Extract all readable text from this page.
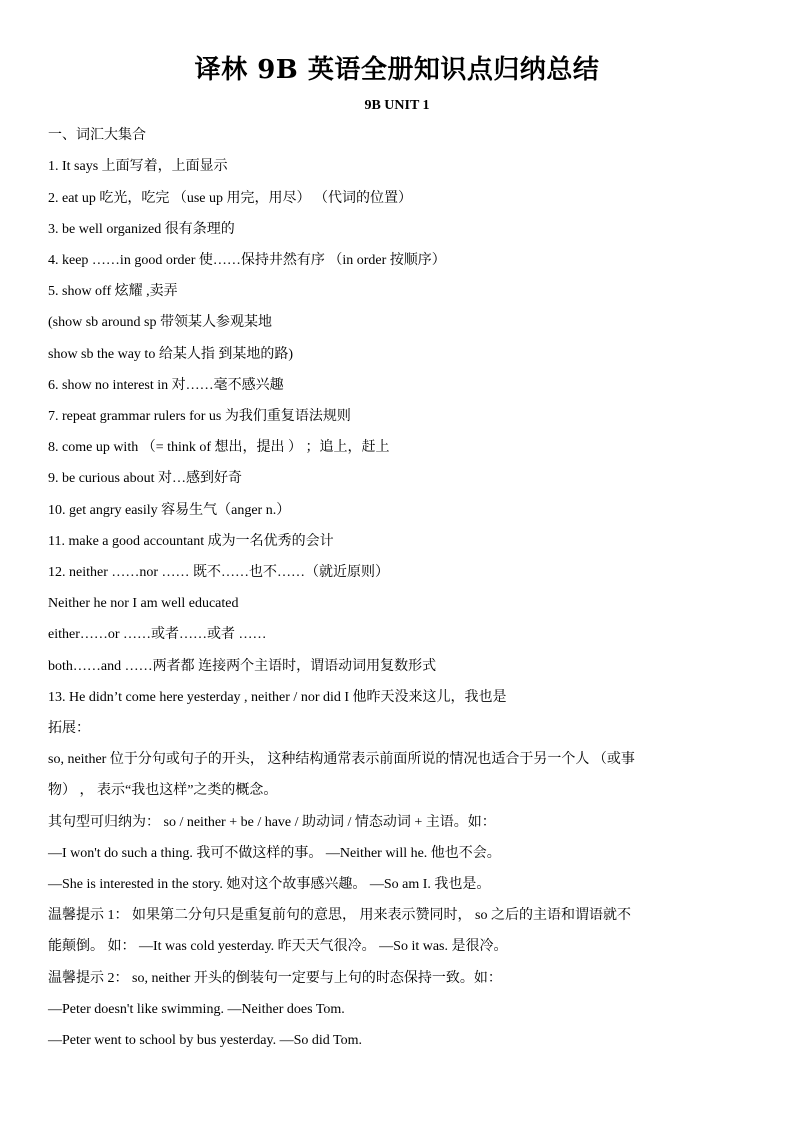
译林 9B 英语全册知识点归纳总结
9B UNIT 1
一、词汇大集合
1. It says 上面写着，上面显示
2. eat up 吃光，吃完 （use up 用完，用尽） （代词的位置）
3. be well organized 很有条理的
4. keep ……in good order 使……保持井然有序 （in order 按顺序）
5. show off 炫耀 ,卖弄
(show sb around sp 带领某人参观某地
show sb the way to 给某人指 到某地的路)
6. show no interest in 对……毫不感兴趣
7. repeat grammar rulers for us 为我们重复语法规则
8. come up with （= think of 想出，提出 ） ；追上，赶上
9. be curious about 对…感到好奇
10. get angry easily 容易生气（anger n.）
11. make a good accountant 成为一名优秀的会计
12. neither ……nor …… 既不……也不……（就近原则）
Neither he nor I am well educated
either……or ……或者……或者 ……
both……and ……两者都 连接两个主语时，谓语动词用复数形式
13. He didn’t come here yesterday , neither / nor did I 他昨天没来这儿，我也是
拓展：
so, neither 位于分句或句子的开头， 这种结构通常表示前面所说的情况也适合于另一个人 （或事
物） ， 表示“我也这样”之类的概念。
其句型可归纳为： so / neither + be / have / 助动词 / 情态动词 + 主语。如：
—I won't do such a thing. 我可不做这样的事。 —Neither will he. 他也不会。
—She is interested in the story. 她对这个故事感兴趣。 —So am I. 我也是。
温馨提示 1： 如果第二分句只是重复前句的意思， 用来表示赞同时， so 之后的主语和谓语就不
能颠倒。 如： —It was cold yesterday. 昨天天气很冷。 —So it was. 是很冷。
温馨提示 2： so, neither 开头的倒装句一定要与上句的时态保持一致。如：
—Peter doesn't like swimming. —Neither does Tom.
—Peter went to school by bus yesterday. —So did Tom.
